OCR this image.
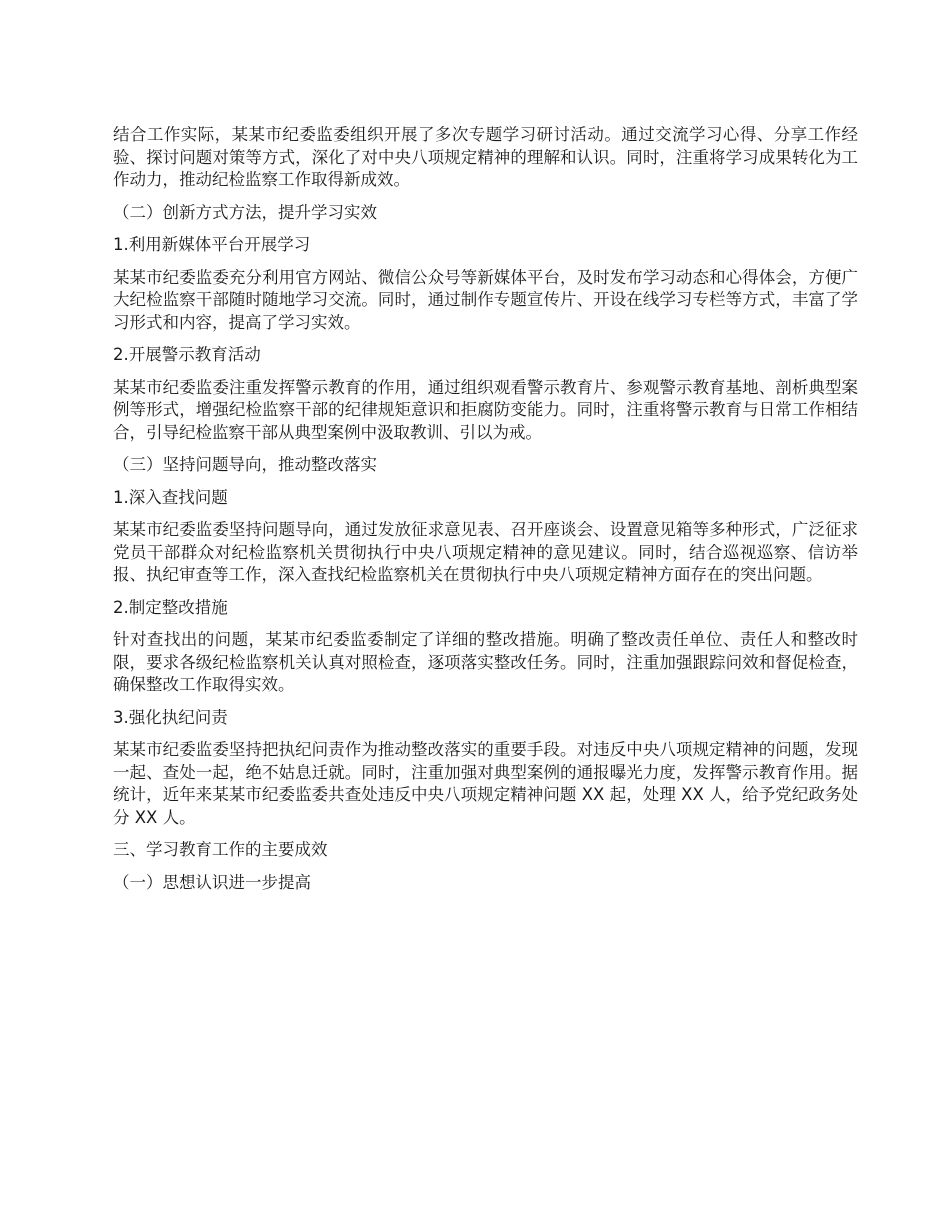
结合工作实际，某某市纪委监委组织开展了多次专题学习研讨活动。通过交流学习心得、分享工作经验、探讨问题对策等方式，深化了对中央八项规定精神的理解和认识。同时，注重将学习成果转化为工作动力，推动纪检监察工作取得新成效。

（二）创新方式方法，提升学习实效

1.利用新媒体平台开展学习

某某市纪委监委充分利用官方网站、微信公众号等新媒体平台，及时发布学习动态和心得体会，方便广大纪检监察干部随时随地学习交流。同时，通过制作专题宣传片、开设在线学习专栏等方式，丰富了学习形式和内容，提高了学习实效。

2.开展警示教育活动

某某市纪委监委注重发挥警示教育的作用，通过组织观看警示教育片、参观警示教育基地、剖析典型案例等形式，增强纪检监察干部的纪律规矩意识和拒腐防变能力。同时，注重将警示教育与日常工作相结合，引导纪检监察干部从典型案例中汲取教训、引以为戒。

（三）坚持问题导向，推动整改落实

1.深入查找问题

某某市纪委监委坚持问题导向，通过发放征求意见表、召开座谈会、设置意见箱等多种形式，广泛征求党员干部群众对纪检监察机关贯彻执行中央八项规定精神的意见建议。同时，结合巡视巡察、信访举报、执纪审查等工作，深入查找纪检监察机关在贯彻执行中央八项规定精神方面存在的突出问题。

2.制定整改措施

针对查找出的问题，某某市纪委监委制定了详细的整改措施。明确了整改责任单位、责任人和整改时限，要求各级纪检监察机关认真对照检查，逐项落实整改任务。同时，注重加强跟踪问效和督促检查，确保整改工作取得实效。

3.强化执纪问责

某某市纪委监委坚持把执纪问责作为推动整改落实的重要手段。对违反中央八项规定精神的问题，发现一起、查处一起，绝不姑息迁就。同时，注重加强对典型案例的通报曝光力度，发挥警示教育作用。据统计，近年来某某市纪委监委共查处违反中央八项规定精神问题 XX 起，处理 XX 人，给予党纪政务处分 XX 人。

三、学习教育工作的主要成效

（一）思想认识进一步提高
